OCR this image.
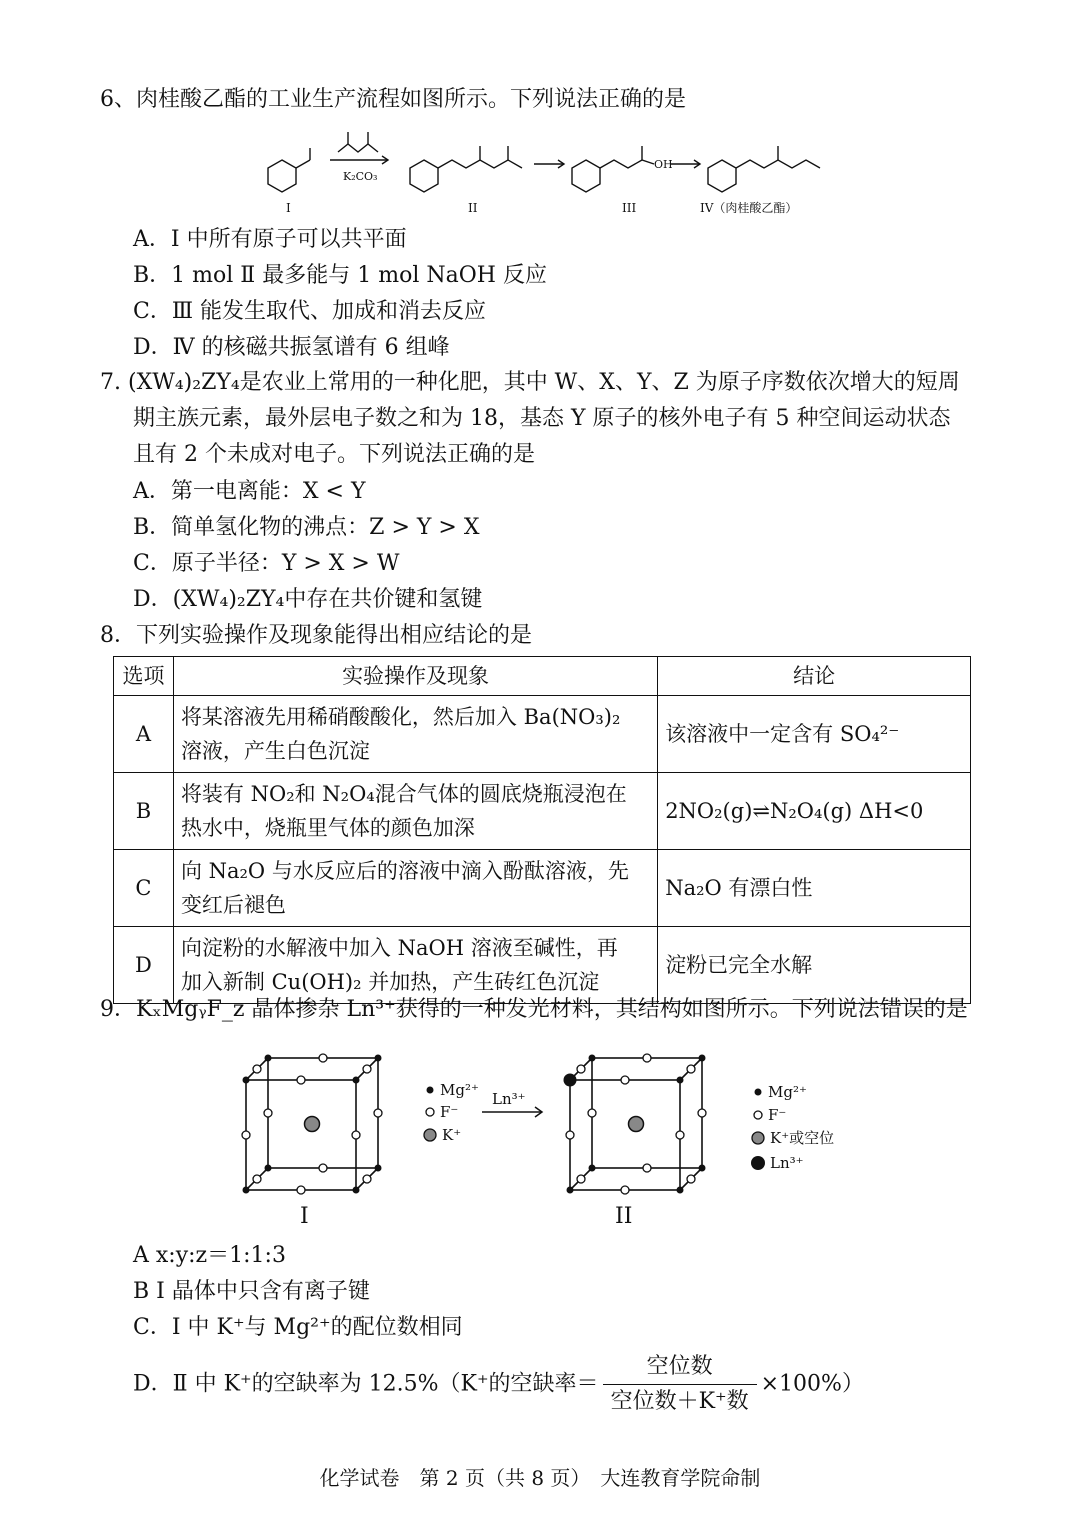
6、肉桂酸乙酯的工业生产流程如图所示。下列说法正确的是
K₂CO₃
OH
I	II	III	IV（肉桂酸乙酯）
A．Ⅰ 中所有原子可以共平面
B．1 mol Ⅱ 最多能与 1 mol NaOH 反应
C．Ⅲ 能发生取代、加成和消去反应
D．Ⅳ 的核磁共振氢谱有 6 组峰
7. (XW₄)₂ZY₄是农业上常用的一种化肥，其中 W、X、Y、Z 为原子序数依次增大的短周
期主族元素，最外层电子数之和为 18，基态 Y 原子的核外电子有 5 种空间运动状态
且有 2 个未成对电子。下列说法正确的是
A．第一电离能：X < Y
B．简单氢化物的沸点：Z > Y > X
C．原子半径：Y > X > W
D．(XW₄)₂ZY₄中存在共价键和氢键
8．下列实验操作及现象能得出相应结论的是
选项	实验操作及现象	结论
A	将某溶液先用稀硝酸酸化，然后加入 Ba(NO₃)₂
溶液，产生白色沉淀	该溶液中一定含有 SO₄²⁻
B	将装有 NO₂和 N₂O₄混合气体的圆底烧瓶浸泡在
热水中，烧瓶里气体的颜色加深	2NO₂(g)⇌N₂O₄(g) ΔH<0
C	向 Na₂O 与水反应后的溶液中滴入酚酞溶液，先
变红后褪色	Na₂O 有漂白性
D	向淀粉的水解液中加入 NaOH 溶液至碱性，再
加入新制 Cu(OH)₂ 并加热，产生砖红色沉淀	淀粉已完全水解
9．KₓMgᵧF_z 晶体掺杂 Ln³⁺获得的一种发光材料，其结构如图所示。下列说法错误的是
Mg²⁺
F⁻
K⁺
Ln³⁺	Mg²⁺
F⁻
K⁺或空位
Ln³⁺
I	II
A x:y:z＝1:1:3
B Ⅰ 晶体中只含有离子键
C．Ⅰ 中 K⁺与 Mg²⁺的配位数相同
D．Ⅱ 中 K⁺的空缺率为 12.5%（K⁺的空缺率＝ $\frac{\text{空位数}}{\text{空位数＋K⁺数}} \times 100\%$）
化学试卷　第 2 页（共 8 页）　大连教育学院命制
